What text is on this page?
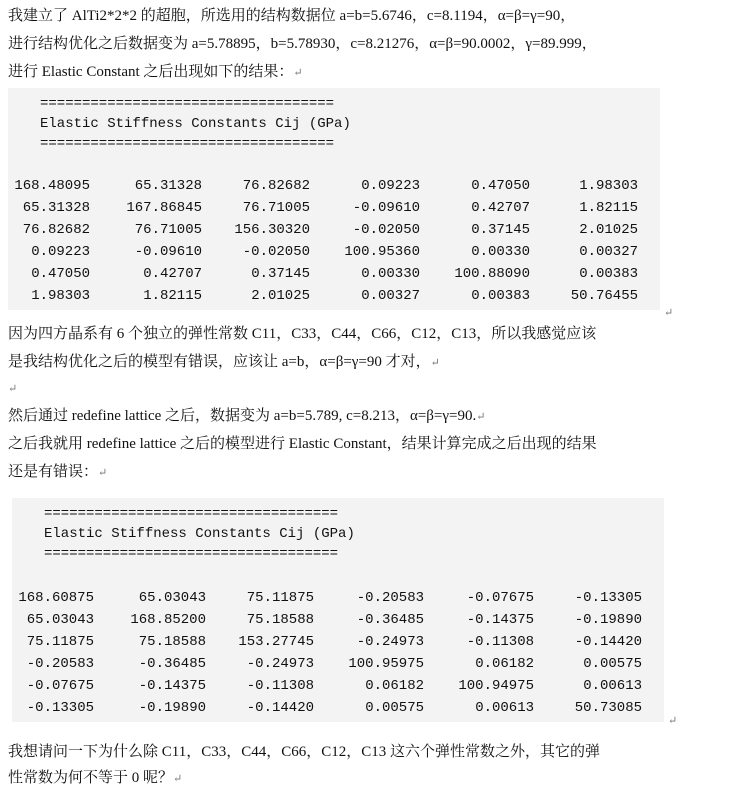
我建立了 AlTi2*2*2 的超胞，所选用的结构数据位 a=b=5.6746，c=8.1194，α=β=γ=90，
进行结构优化之后数据变为 a=5.78895，b=5.78930，c=8.21276，α=β=90.0002，γ=89.999，
进行 Elastic Constant 之后出现如下的结果：↵
===================================
Elastic Stiffness Constants Cij (GPa)
===================================
168.48095	65.31328	76.82682	0.09223	0.47050	1.98303
65.31328	167.86845	76.71005	-0.09610	0.42707	1.82115
76.82682	76.71005	156.30320	-0.02050	0.37145	2.01025
0.09223	-0.09610	-0.02050	100.95360	0.00330	0.00327
0.47050	0.42707	0.37145	0.00330	100.88090	0.00383
1.98303	1.82115	2.01025	0.00327	0.00383	50.76455
↵
因为四方晶系有 6 个独立的弹性常数 C11，C33，C44，C66，C12，C13，所以我感觉应该
是我结构优化之后的模型有错误，应该让 a=b，α=β=γ=90 才对，↵
↵
然后通过 redefine lattice 之后，数据变为 a=b=5.789, c=8.213，α=β=γ=90.↵
之后我就用 redefine lattice 之后的模型进行 Elastic Constant，结果计算完成之后出现的结果
还是有错误：↵
===================================
Elastic Stiffness Constants Cij (GPa)
===================================
168.60875	65.03043	75.11875	-0.20583	-0.07675	-0.13305
65.03043	168.85200	75.18588	-0.36485	-0.14375	-0.19890
75.11875	75.18588	153.27745	-0.24973	-0.11308	-0.14420
-0.20583	-0.36485	-0.24973	100.95975	0.06182	0.00575
-0.07675	-0.14375	-0.11308	0.06182	100.94975	0.00613
-0.13305	-0.19890	-0.14420	0.00575	0.00613	50.73085
↵
我想请问一下为什么除 C11，C33，C44，C66，C12，C13 这六个弹性常数之外，其它的弹
性常数为何不等于 0 呢？↵
